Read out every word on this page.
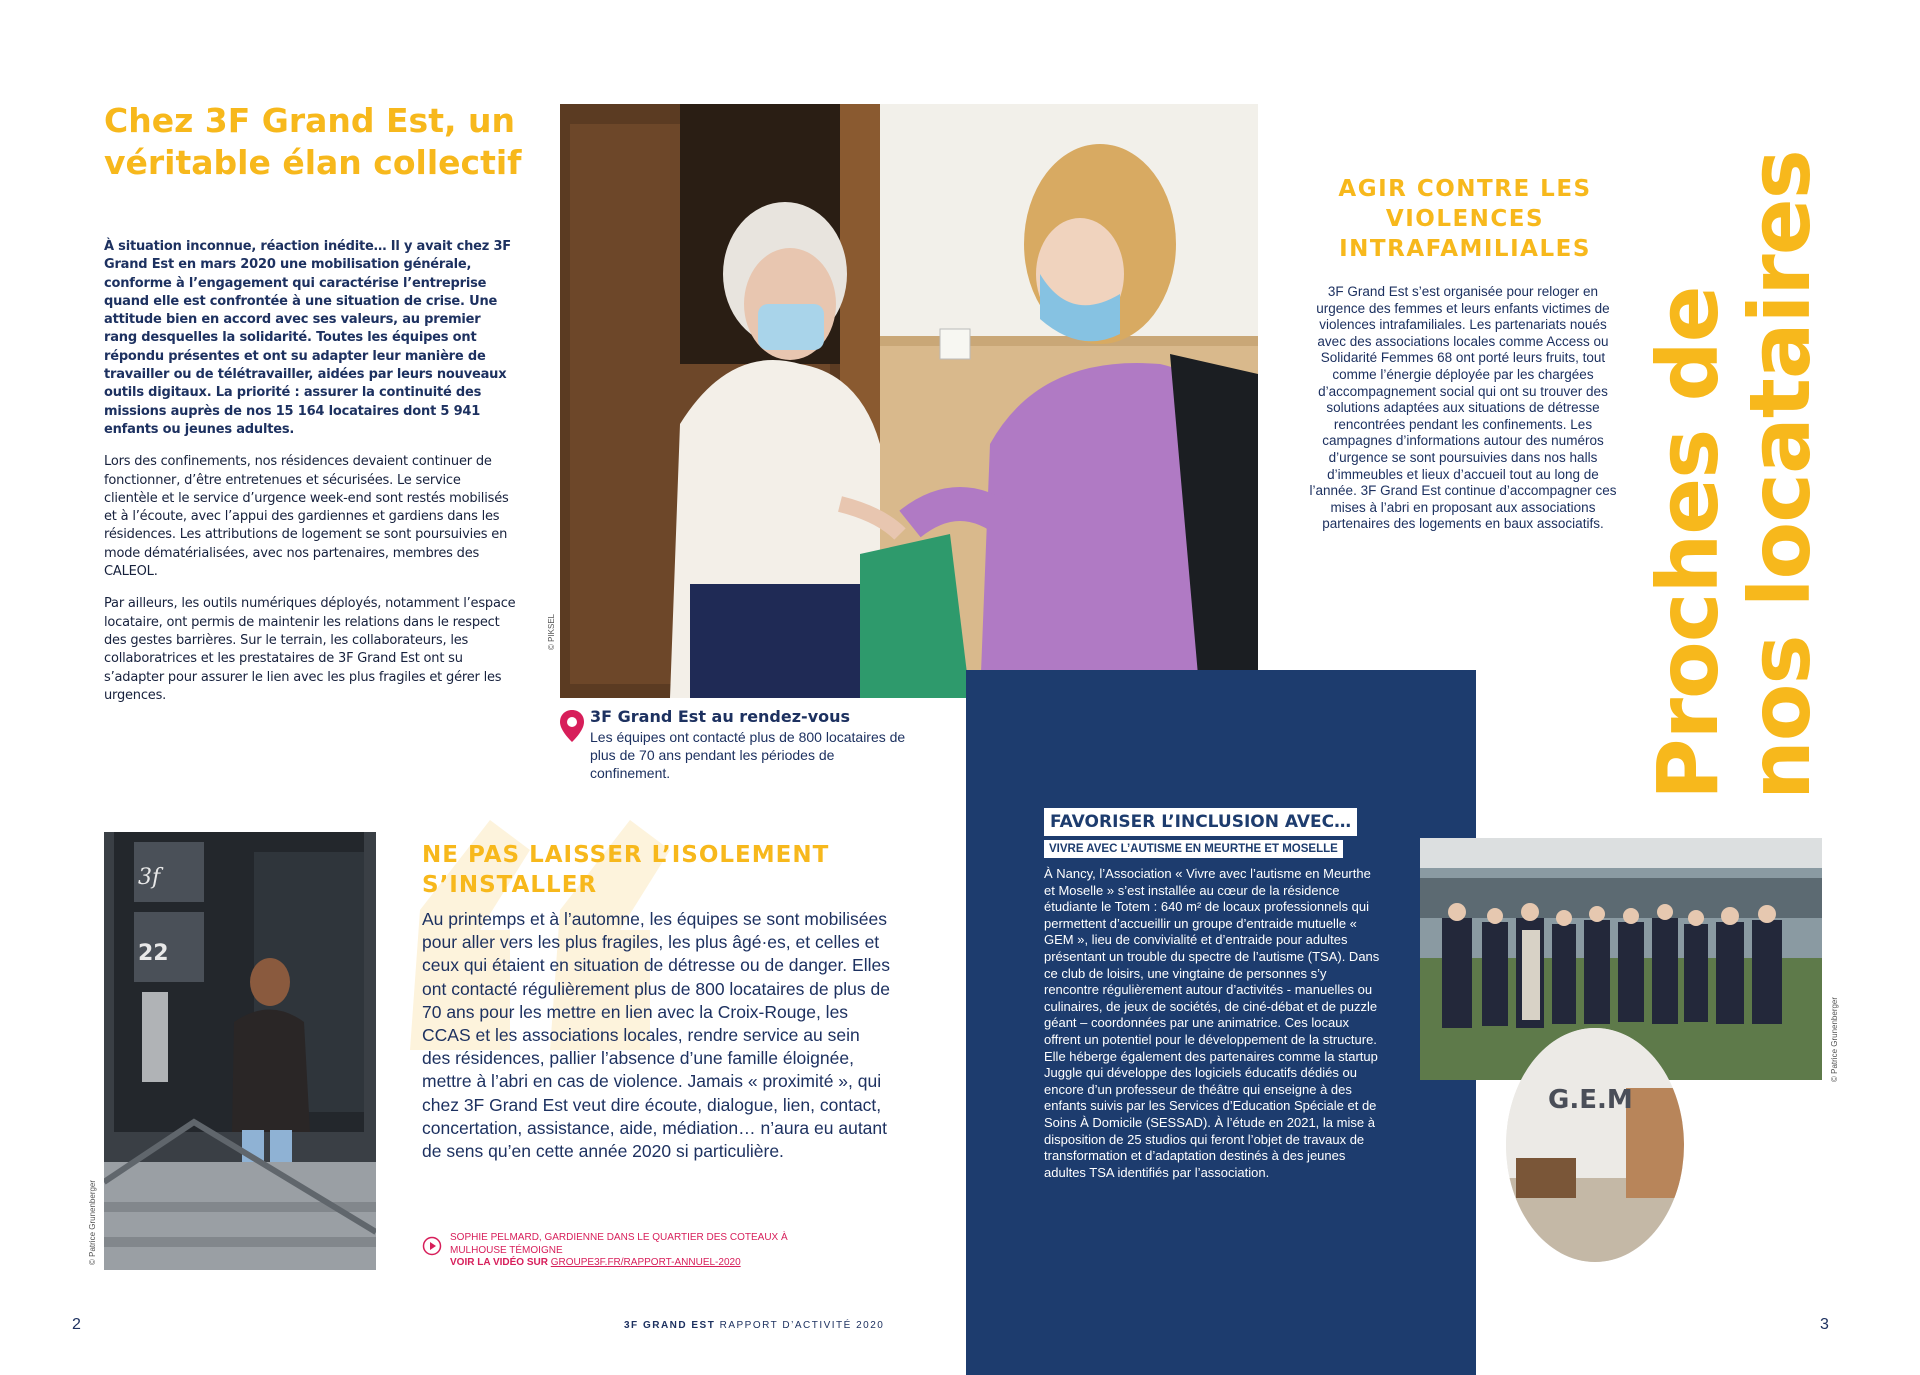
Chez 3F Grand Est, un véritable élan collectif

À situation inconnue, réaction inédite… Il y avait chez 3F Grand Est en mars 2020 une mobilisation générale, conforme à l’engagement qui caractérise l’entreprise quand elle est confrontée à une situation de crise. Une attitude bien en accord avec ses valeurs, au premier rang desquelles la solidarité. Toutes les équipes ont répondu présentes et ont su adapter leur manière de travailler ou de télétravailler, aidées par leurs nouveaux outils digitaux. La priorité : assurer la continuité des missions auprès de nos 15 164 locataires dont 5 941 enfants ou jeunes adultes.

Lors des confinements, nos résidences devaient continuer de fonctionner, d’être entretenues et sécurisées. Le service clientèle et le service d’urgence week-end sont restés mobilisés et à l’écoute, avec l’appui des gardiennes et gardiens dans les résidences. Les attributions de logement se sont poursuivies en mode dématérialisées, avec nos partenaires, membres des CALEOL.

Par ailleurs, les outils numériques déployés, notamment l’espace locataire, ont permis de maintenir les relations dans le respect des gestes barrières. Sur le terrain, les collaborateurs, les collaboratrices et les prestataires de 3F Grand Est ont su s’adapter pour assurer le lien avec les plus fragiles et gérer les urgences.

© PIKSEL
3F Grand Est au rendez-vous
Les équipes ont contacté plus de 800 locataires de plus de 70 ans pendant les périodes de confinement.
3f
22
© Patrice Grunenberger
NE PAS LAISSER L’ISOLEMENT S’INSTALLER

Au printemps et à l’automne, les équipes se sont mobilisées pour aller vers les plus fragiles, les plus âgé·es, et celles et ceux qui étaient en situation de détresse ou de danger. Elles ont contacté régulièrement plus de 800 locataires de plus de 70 ans pour les mettre en lien avec la Croix-Rouge, les CCAS et les associations locales, rendre service au sein des résidences, pallier l’absence d’une famille éloignée, mettre à l’abri en cas de violence. Jamais « proximité », qui chez 3F Grand Est veut dire écoute, dialogue, lien, contact, concertation, assistance, aide, médiation… n’aura eu autant de sens qu’en cette année 2020 si particulière.

SOPHIE PELMARD, GARDIENNE DANS LE QUARTIER DES COTEAUX À MULHOUSE TÉMOIGNE
VOIR LA VIDÉO SUR GROUPE3F.FR/RAPPORT-ANNUEL-2020
2	3F GRAND EST RAPPORT D’ACTIVITÉ 2020
AGIR CONTRE LES VIOLENCES INTRAFAMILIALES

3F Grand Est s’est organisée pour reloger en urgence des femmes et leurs enfants victimes de violences intrafamiliales. Les partenariats noués avec des associations locales comme Access ou Solidarité Femmes 68 ont porté leurs fruits, tout comme l’énergie déployée par les chargées d’accompagnement social qui ont su trouver des solutions adaptées aux situations de détresse rencontrées pendant les confinements. Les campagnes d’informations autour des numéros d’urgence se sont poursuivies dans nos halls d’immeubles et lieux d’accueil tout au long de l’année. 3F Grand Est continue d’accompagner ces mises à l’abri en proposant aux associations partenaires des logements en baux associatifs. Proches de
nos locataires
FAVORISER L’INCLUSION AVEC…
VIVRE AVEC L’AUTISME EN MEURTHE ET MOSELLE

À Nancy, l’Association « Vivre avec l’autisme en Meurthe et Moselle » s’est installée au cœur de la résidence étudiante le Totem : 640 m² de locaux professionnels qui permettent d’accueillir un groupe d’entraide mutuelle « GEM », lieu de convivialité et d’entraide pour adultes présentant un trouble du spectre de l’autisme (TSA). Dans ce club de loisirs, une vingtaine de personnes s’y rencontre régulièrement autour d’activités - manuelles ou culinaires, de jeux de sociétés, de ciné-débat et de puzzle géant – coordonnées par une animatrice. Ces locaux offrent un potentiel pour le développement de la structure. Elle héberge également des partenaires comme la startup Juggle qui développe des logiciels éducatifs dédiés ou encore d’un professeur de théâtre qui enseigne à des enfants suivis par les Services d’Education Spéciale et de Soins À Domicile (SESSAD). À l’étude en 2021, la mise à disposition de 25 studios qui feront l’objet de travaux de transformation et d’adaptation destinés à des jeunes adultes TSA identifiés par l’association.

G.E.M
© Patrice Grunenberger
3
